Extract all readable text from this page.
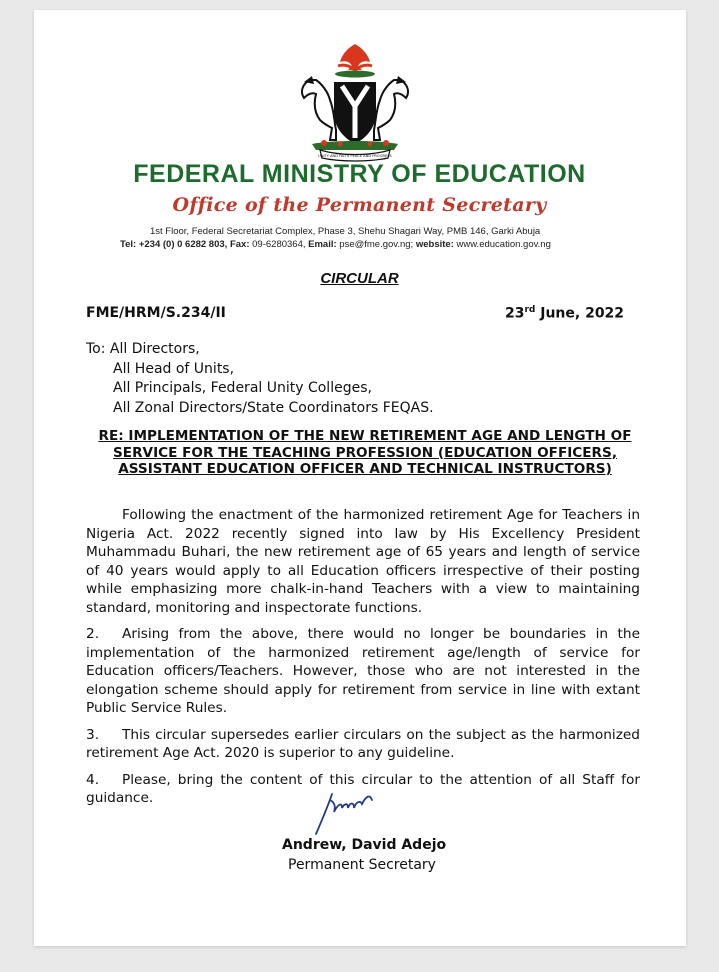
UNITY AND FAITH PEACE AND PROGRESS
FEDERAL MINISTRY OF EDUCATION
Office of the Permanent Secretary
1st Floor, Federal Secretariat Complex, Phase 3, Shehu Shagari Way, PMB 146, Garki Abuja
Tel: +234 (0) 0 6282 803, Fax: 09-6280364, Email: pse@fme.gov.ng; website: www.education.gov.ng
CIRCULAR
FME/HRM/S.234/II	23rd June, 2022
To: All Directors,
All Head of Units,
All Principals, Federal Unity Colleges,
All Zonal Directors/State Coordinators FEQAS.
RE: IMPLEMENTATION OF THE NEW RETIREMENT AGE AND LENGTH OF SERVICE FOR THE TEACHING PROFESSION (EDUCATION OFFICERS, ASSISTANT EDUCATION OFFICER AND TECHNICAL INSTRUCTORS)

Following the enactment of the harmonized retirement Age for Teachers in Nigeria Act. 2022 recently signed into law by His Excellency President Muhammadu Buhari, the new retirement age of 65 years and length of service of 40 years would apply to all Education officers irrespective of their posting while emphasizing more chalk-in-hand Teachers with a view to maintaining standard, monitoring and inspectorate functions.

2. Arising from the above, there would no longer be boundaries in the implementation of the harmonized retirement age/length of service for Education officers/Teachers. However, those who are not interested in the elongation scheme should apply for retirement from service in line with extant Public Service Rules.

3. This circular supersedes earlier circulars on the subject as the harmonized retirement Age Act. 2020 is superior to any guideline.

4. Please, bring the content of this circular to the attention of all Staff for guidance.

Andrew, David Adejo
Permanent Secretary
